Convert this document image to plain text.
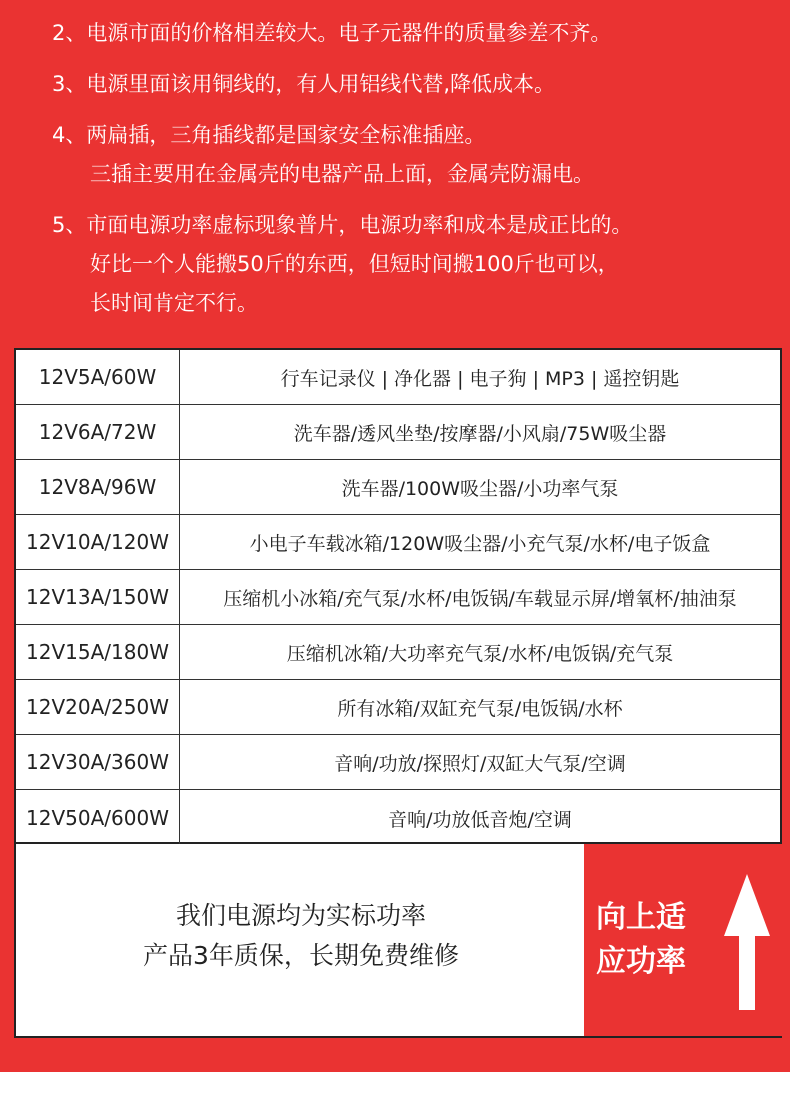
2、电源市面的价格相差较大。电子元器件的质量参差不齐。
3、电源里面该用铜线的，有人用铝线代替,降低成本。
4、两扁插，三角插线都是国家安全标准插座。
三插主要用在金属壳的电器产品上面，金属壳防漏电。
5、市面电源功率虚标现象普片，电源功率和成本是成正比的。
好比一个人能搬50斤的东西，但短时间搬100斤也可以，
长时间肯定不行。
12V5A/60W	行车记录仪 | 净化器 | 电子狗 | MP3 | 遥控钥匙
12V6A/72W	洗车器/透风坐垫/按摩器/小风扇/75W吸尘器
12V8A/96W	洗车器/100W吸尘器/小功率气泵
12V10A/120W	小电子车载冰箱/120W吸尘器/小充气泵/水杯/电子饭盒
12V13A/150W	压缩机小冰箱/充气泵/水杯/电饭锅/车载显示屏/增氧杯/抽油泵
12V15A/180W	压缩机冰箱/大功率充气泵/水杯/电饭锅/充气泵
12V20A/250W	所有冰箱/双缸充气泵/电饭锅/水杯
12V30A/360W	音响/功放/探照灯/双缸大气泵/空调
12V50A/600W	音响/功放低音炮/空调
我们电源均为实标功率
产品3年质保，长期免费维修
向上适
应功率
